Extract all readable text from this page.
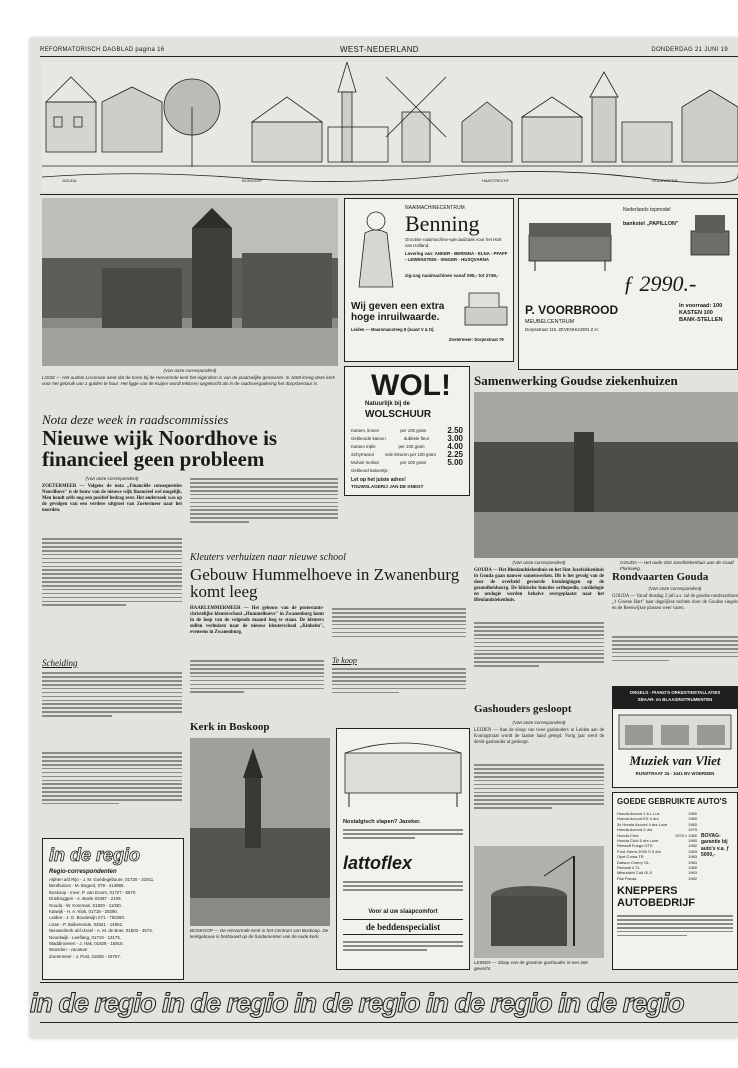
REFORMATORISCH DAGBLAD pagina 16	WEST-NEDERLAND	DONDERDAG 21 JUNI 19
GOUDA	BOSKOOP	HAASTRECHT	OUDEWATER
(Van onze correspondent)
LISSE — Het oudste Lissenaar weet dat de toren bij de Hervormde kerk het eigendom is van de plaatselijke gemeente. In 1669 kreeg deze kerk voor het gebruik van 1 gulden te huur. Het ligge van de Kuiper wordt tektoren opgekocht als in de raadsvergadering het dorpsbestuur is.
Nota deze week in raadscommissies
Nieuwe wijk Noordhove is financieel geen probleem
(Van onze correspondent)
ZOETERMEER — Volgens de nota „Financiële consequenties Noordhove" is de bouw van de nieuwe wijk financieel wel mogelijk. Men houdt zelfs nog een positief bedrag over. Het onderzoek was op de gevolgen van een verdere uitgroei van Zoetermeer naar het noorden.
Scheiding
in de regio
Regio-correspondenten
Alphen a/d Rijn - J. M. Goedegebuure, 01720 - 31911.
Benthuizen - M. Bogerd, 079 - 413985.
Boskoop - mevr. P. van Doorn, 01727 - 5570.
Driebruggen - A. Boele 03487 - 2109.
Gouda - W. Koreman, 01820 - 11030.
Katwijk - H. A. Klok, 01718 - 29290.
Leiden - J. G. Boudewijn 071 - 750260.
Lisse - P. Bulkenende, 02521 - 14802.
Nieuwerkerk a/d IJssel - A. M. de Boer, 01803 - 4573.
Noordwijk - Leeflang, 01719 - 13175.
Waddinxveen - J. Hak, 01828 - 15915.
Woerden - vacature
Zoetermeer - J. Post, 01828 - 19767.
NAAIMACHINECENTRUM
Benning
Grootste naaimachine-speciaalzaak voor het Hart van Holland.
Levering van: ANKER - BERNINA - ELNA - PFAFF - LEWENSTEIN - SINGER - HUSQVARNA
zig-zag naaimachines vanaf 295,- tot 2749,-
Wij geven een extra hoge inruilwaarde.
Leiden — Maarsmansteeg 8 (naast V & D).
Zoetermeer: Dorpsstraat 79
Nederlands topmodel
bankstel „PAPILLON"
ƒ 2990.-
P. VOORBROOD
MEUBELCENTRUM
Dorpsstraat 119, ZEVENHUIZEN Z.H.
In voorraad: 100 KASTEN 100 BANK-STELLEN
WOL!
Natuurlijk bij de
WOLSCHUUR
Katoen, linnen	per 100 gram	2.50
Gekleurde katoen	dubbele fleur 3.00
Katoen triple	per 100 gram	4.00
Schyrnwool	vele kleuren per 100 gram 2.25
Mohair mohair	per 100 gram	5.00
Gekleurd katoentje
Let op het juiste adres!
TOUWSLAGERIJ JAN DE KNEGT
Samenwerking Goudse ziekenhuizen
(Van onze correspondent)	GOUDA — Het oude Sint Josefziekenhuis aan de Graaf Florisweg.
GOUDA — Het Bleulandziekenhuis en het Sint Jozefziekenhuis in Gouda gaan nauwer samenwerken. Dit is het gevolg van de door de overheid gevoerde bezuinigingen op de gezondheidszorg. De klinische functies orthopedie, cardiologie en urologie worden behalve overgeplaatst naar het Bleulandziekenhuis.
Rondvaarten Gouda
(Van onze correspondent)
GOUDA — Vanaf dinsdag 3 juli a.s. zal de goudse rondvaartboot „'t Groene Hart" haar dagelijkse tochten door de Goudse singels en de Reeuwijkse plassen weer varen.
Gashouders gesloopt
(Van onze correspondent)
LEIDEN — Aan de sloop van twee gashouders in Leiden aan de Koningstraat wordt de laatste hand gelegd. Vorig jaar werd de derde gashouder al gesloopt.
LEIDEN — Sloop van de grootste gashouder in een late gevecht.
Kleuters verhuizen naar nieuwe school
Gebouw Hummelhoeve in Zwanenburg komt leeg
HAARLEMMERMEER — Het gebouw van de protestants-christelijke kleuterschool „Hummelhoeve" in Zwanenburg komt in de loop van de volgende maand leeg te staan. De kleuters zullen verhuizen naar de nieuwe kleuterschool „Kinheim", eveneens in Zwanenburg.
Te koop
Kerk in Boskoop
BOSKOOP — De Hervormde Kerk in het Centrum van Boskoop. De kerkgebouw is herbouwd op de fundamenten van de oude kerk.
Nostalgisch slapen? Jazeker.
lattoflex
Voor al uw slaapcomfort
de beddenspecialist
ORGELS - PIANO'S ORKESTINSTALLATIES
SBAAR- en BLAASINSTRUMENTEN
Muziek van Vliet
RIJNSTRAAT 34 - 3441 BV WOERDEN
GOEDE GEBRUIKTE AUTO'S
Honda Accord 1.6 L Lux	1980
Honda Accord EX 4 drs	1980
3x Honda Accord 4 drs Luxe	1980
Honda Accord 2 drs	1979
Honda Civic	1979 v 1980
Honda Civic 5 drs Luxe	1980
Renault Fuego GTS	1982
Ford Sierra 2000 S 5 drs	1983
Opel Corsa TR	1983
Datsun Cherry GL	1983
Renault 4 TL	1980
Mitsubishi Colt GLX	1983
Fiat Panda	1982
BOVAG-garantie bij auto's v.a. ƒ 5000,-
KNEPPERS AUTOBEDRIJF
in de regio in de regio in de regio in de regio in de regio
